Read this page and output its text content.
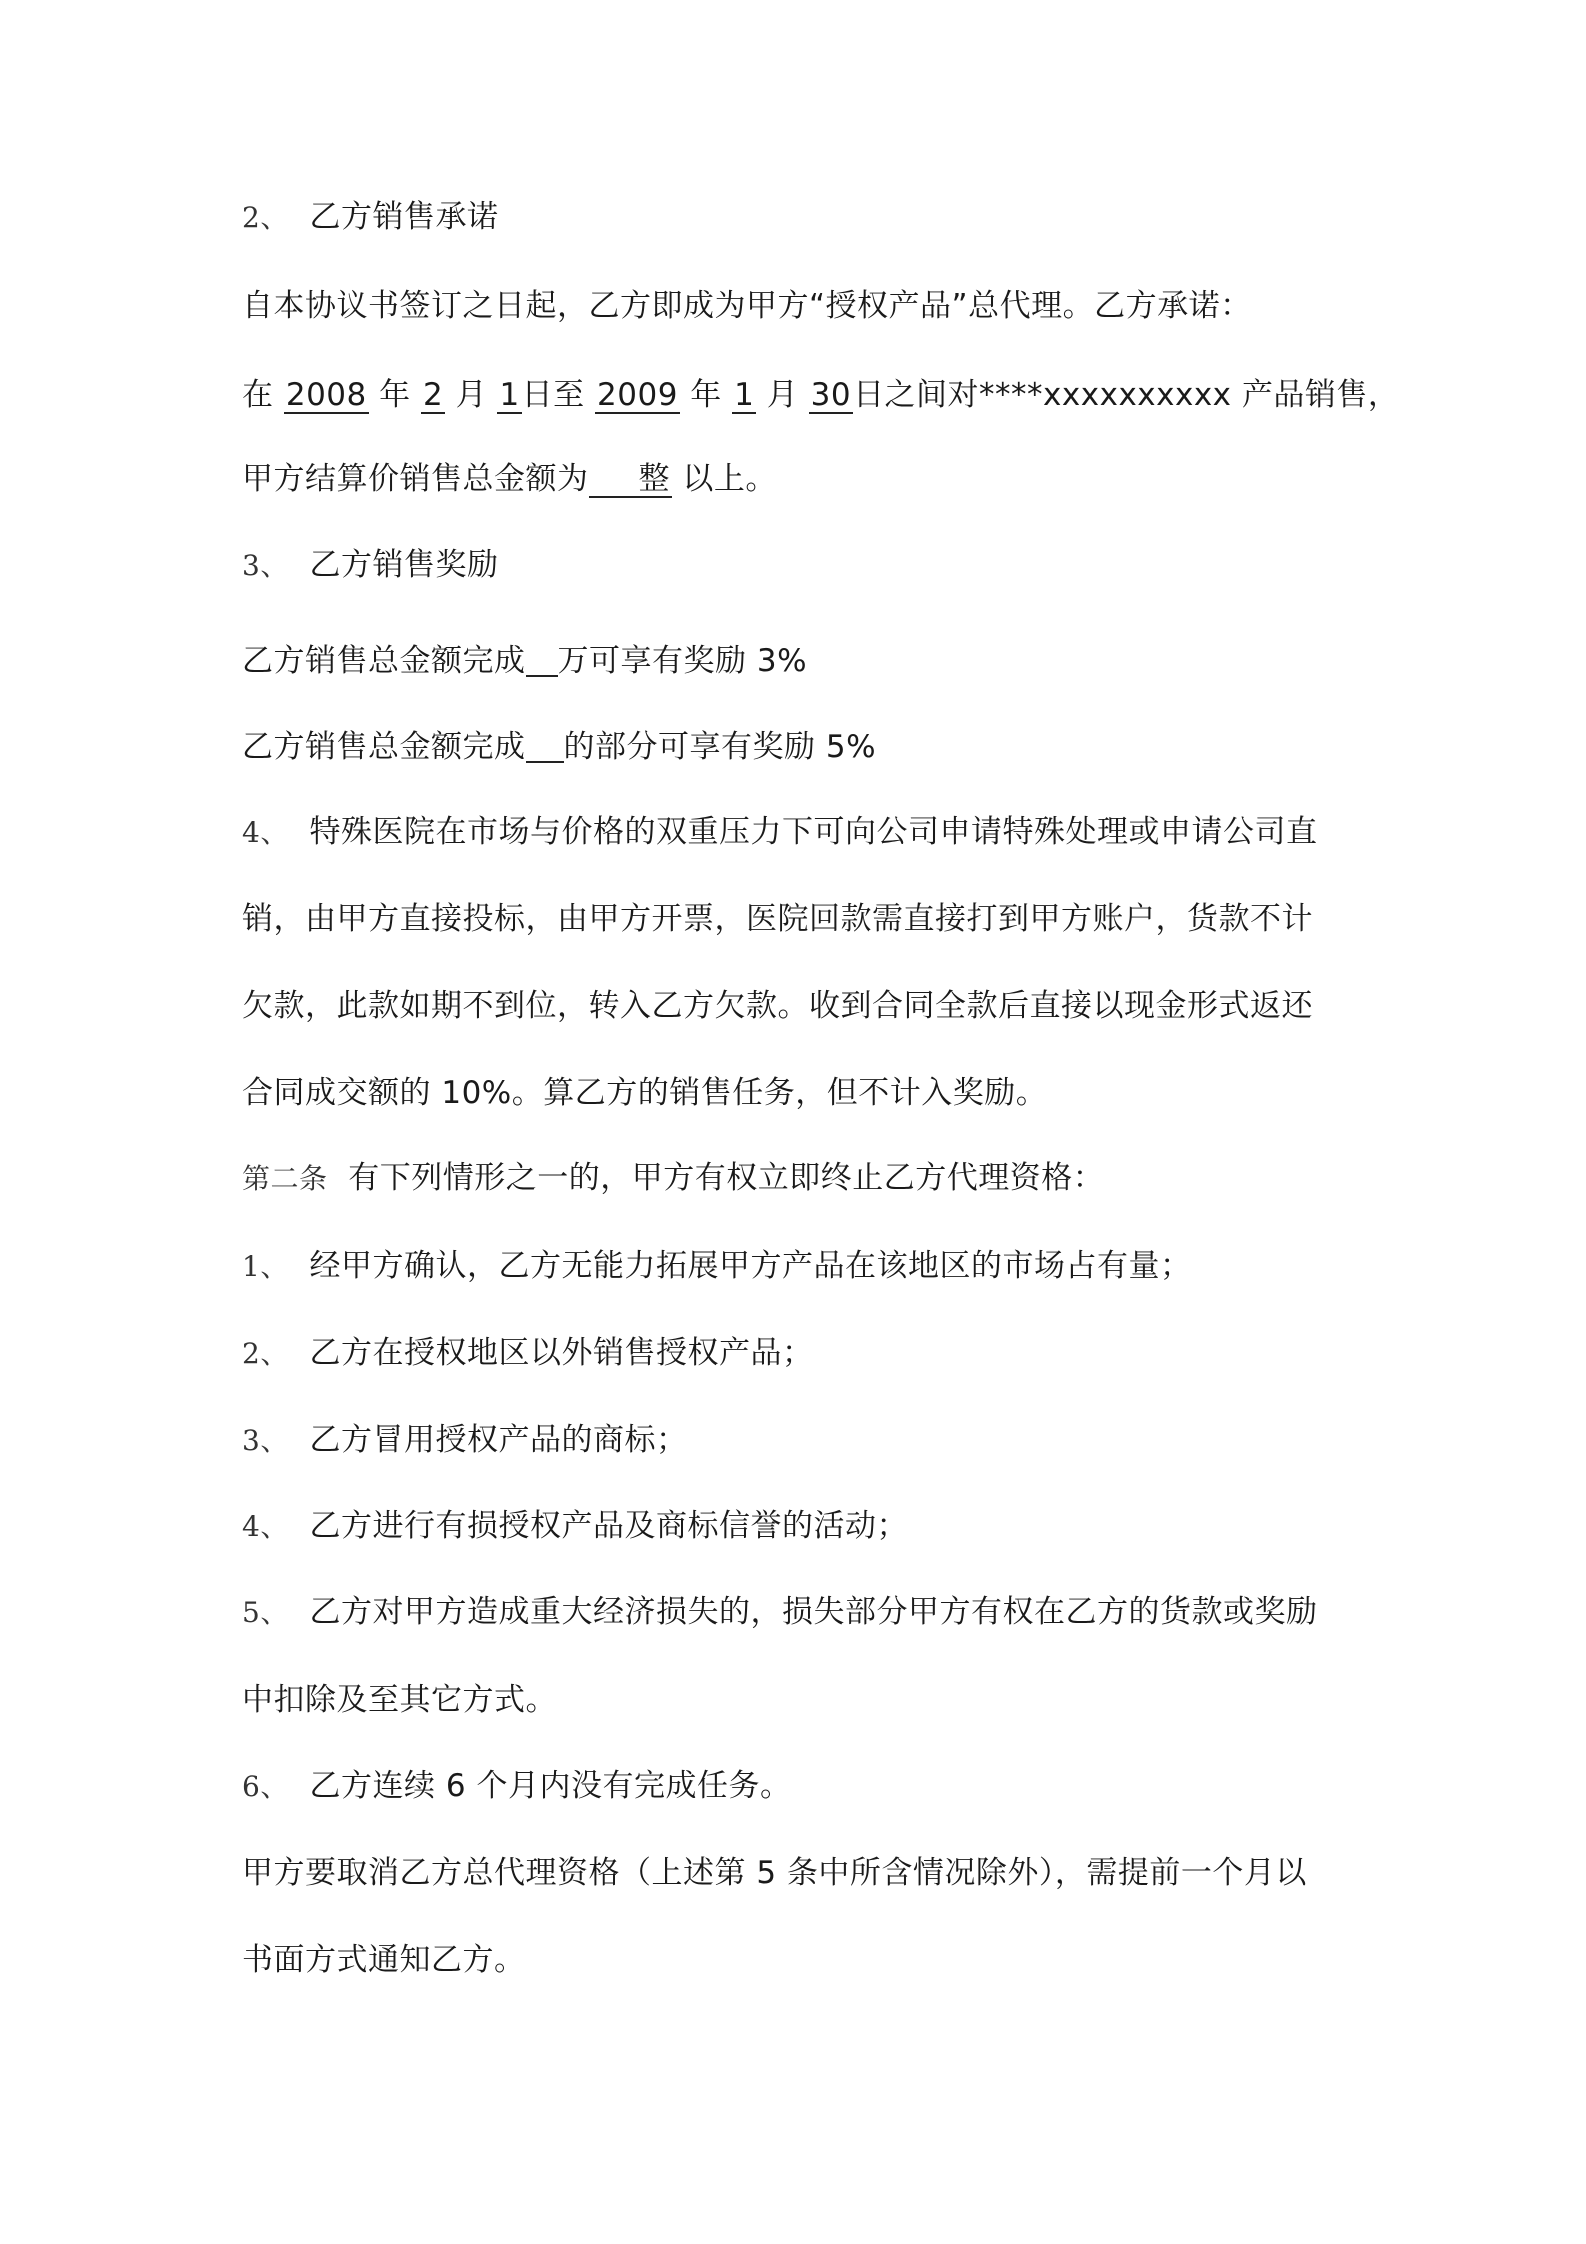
2、 乙方销售承诺
自本协议书签订之日起，乙方即成为甲方“授权产品”总代理。乙方承诺：
在 2008 年 2 月 1日至 2009 年 1 月 30日之间对****xxxxxxxxxx 产品销售，
甲方结算价销售总金额为 整 以上。
3、 乙方销售奖励
乙方销售总金额完成 万可享有奖励 3%
乙方销售总金额完成 的部分可享有奖励 5%
4、 特殊医院在市场与价格的双重压力下可向公司申请特殊处理或申请公司直
销，由甲方直接投标，由甲方开票，医院回款需直接打到甲方账户，货款不计
欠款，此款如期不到位，转入乙方欠款。收到合同全款后直接以现金形式返还
合同成交额的 10%。算乙方的销售任务，但不计入奖励。
第二条 有下列情形之一的，甲方有权立即终止乙方代理资格：
1、 经甲方确认，乙方无能力拓展甲方产品在该地区的市场占有量；
2、 乙方在授权地区以外销售授权产品；
3、 乙方冒用授权产品的商标；
4、 乙方进行有损授权产品及商标信誉的活动；
5、 乙方对甲方造成重大经济损失的，损失部分甲方有权在乙方的货款或奖励
中扣除及至其它方式。
6、 乙方连续 6 个月内没有完成任务。
甲方要取消乙方总代理资格（上述第 5 条中所含情况除外），需提前一个月以
书面方式通知乙方。
